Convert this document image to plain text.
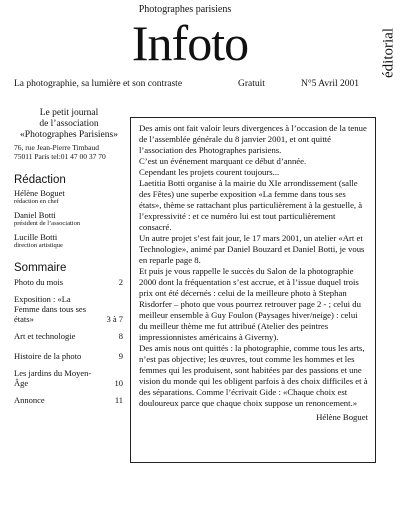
Photographes parisiens
Infoto	éditorial
La photographie, sa lumière et son contraste	Gratuit	N°5 Avril 2001
Le petit journal
de l’association
«Photographes Parisiens»
76, rue Jean-Pierre Timbaud
75011 Paris tel:01 47 00 37 70
Rédaction
Hélène Boguet
rédaction en chef
Daniel Botti
président de l’association
Lucille Botti
direction artistique
Sommaire
Photo du mois	2
Exposition : «La Femme dans tous ses états»	3 à 7
Art et technologie	8
Histoire de la photo	9
Les jardins du Moyen-Âge	10
Annonce	11

Des amis ont fait valoir leurs divergences à l’occasion de la tenue de l’assemblée générale du 8 janvier 2001, et ont quitté l’association des Photographes parisiens.

C’est un événement marquant ce début d’année.

Cependant les projets courent toujours...

Laetitia Botti organise à la mairie du XIe arrondissement (salle des Fêtes) une superbe exposition «La femme dans tous ses états», thème se rattachant plus particulièrement à la gestuelle, à l’expressivité : et ce numéro lui est tout particulièrement consacré.

Un autre projet s’est fait jour, le 17 mars 2001, un atelier «Art et Technologie», animé par Daniel Bouzard et Daniel Botti, je vous en reparle page 8.

Et puis je vous rappelle le succès du Salon de la photographie 2000 dont la fréquentation s’est accrue, et à l’issue duquel trois prix ont été décernés : celui de la meilleure photo à Stephan Risdorfer – photo que vous pourrez retrouver page 2 - ; celui du meilleur ensemble à Guy Foulon (Paysages hiver/neige) : celui du meilleur thème me fut attribué (Atelier des peintres impressionnistes américains à Giverny).

Des amis nous ont quittés : la photographie, comme tous les arts, n’est pas objective; les œuvres, tout comme les hommes et les femmes qui les produisent, sont habitées par des passions et une vision du monde qui les obligent parfois à des choix difficiles et à des séparations. Comme l’écrivait Gide : «Chaque choix est douloureux parce que chaque choix suppose un renoncement.»

Hélène Boguet
